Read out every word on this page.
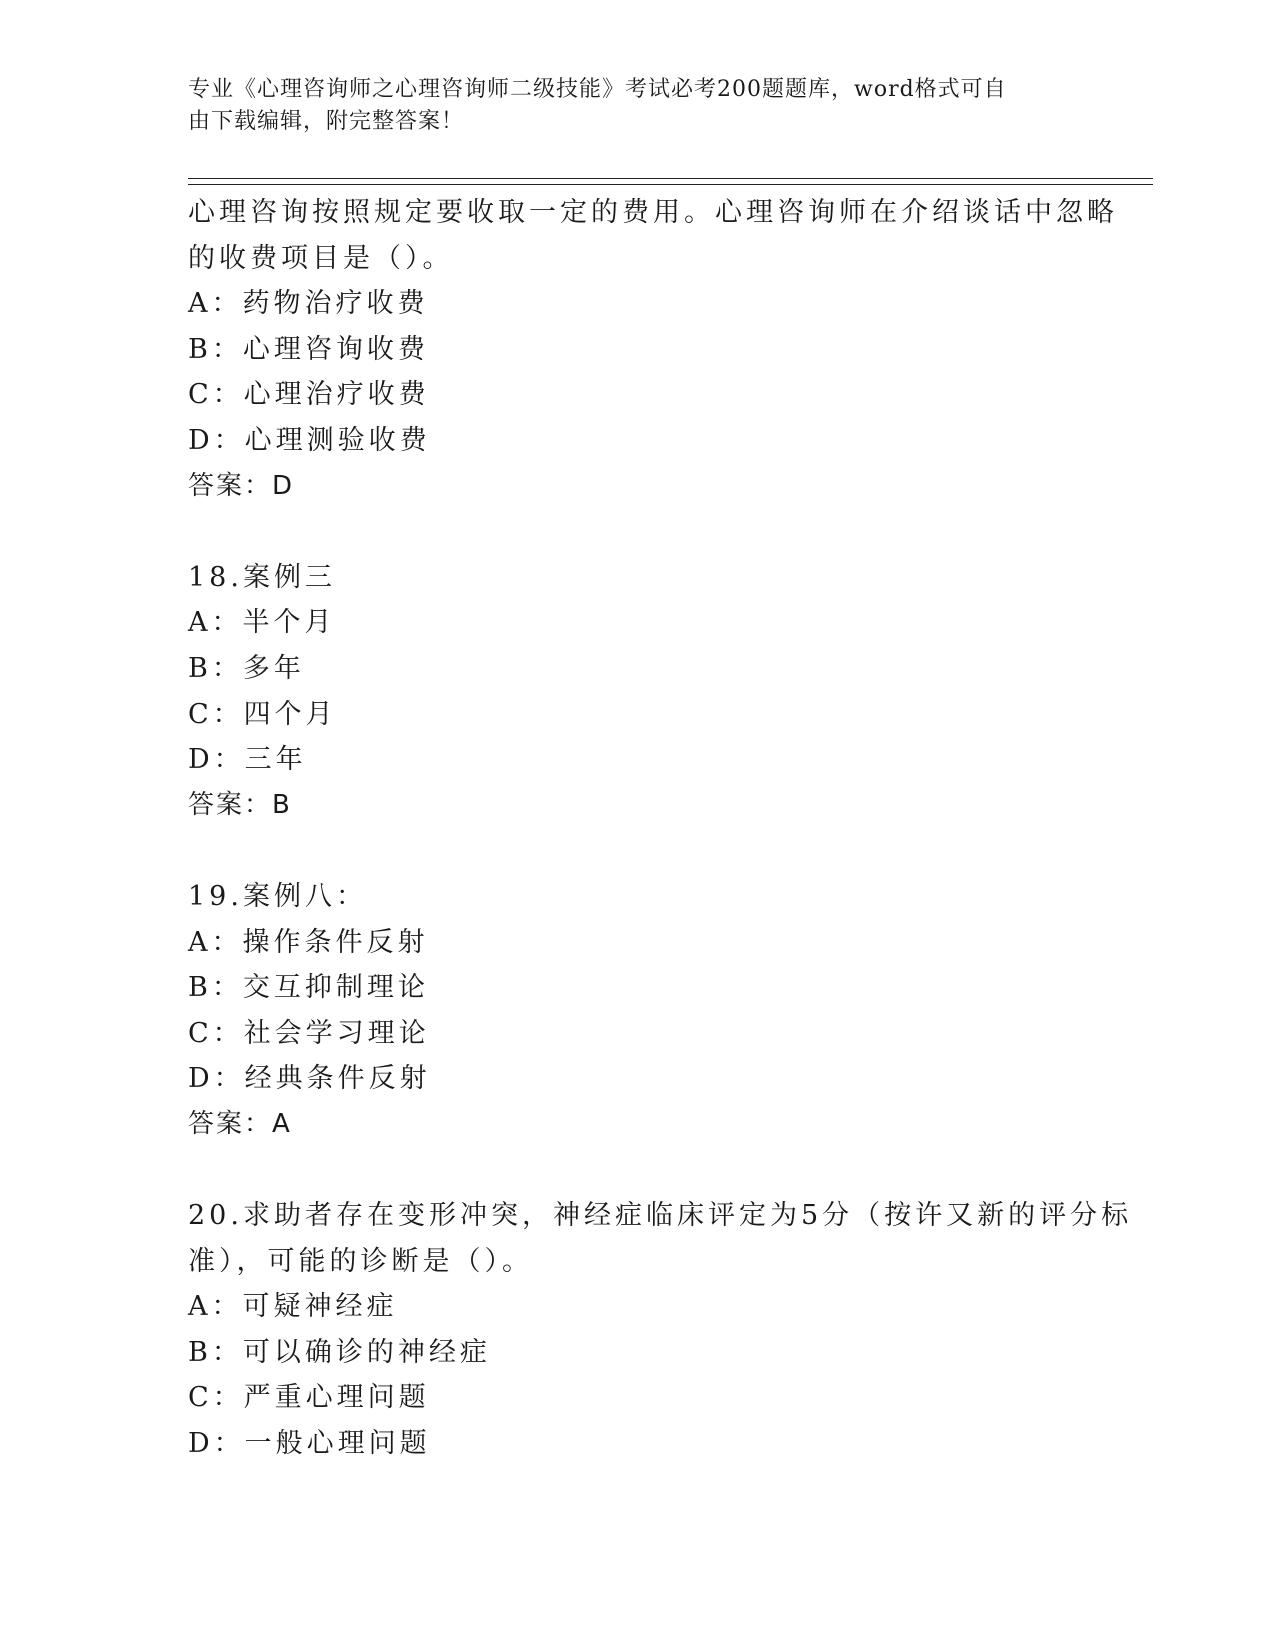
专业《心理咨询师之心理咨询师二级技能》考试必考200题题库，word格式可自
由下载编辑，附完整答案！
心理咨询按照规定要收取一定的费用。心理咨询师在介绍谈话中忽略
的收费项目是（）。
A：药物治疗收费
B：心理咨询收费
C：心理治疗收费
D：心理测验收费
答案：D
18.案例三
A：半个月
B：多年
C：四个月
D：三年
答案：B
19.案例八：
A：操作条件反射
B：交互抑制理论
C：社会学习理论
D：经典条件反射
答案：A
20.求助者存在变形冲突，神经症临床评定为5分（按许又新的评分标
准），可能的诊断是（）。
A：可疑神经症
B：可以确诊的神经症
C：严重心理问题
D：一般心理问题
